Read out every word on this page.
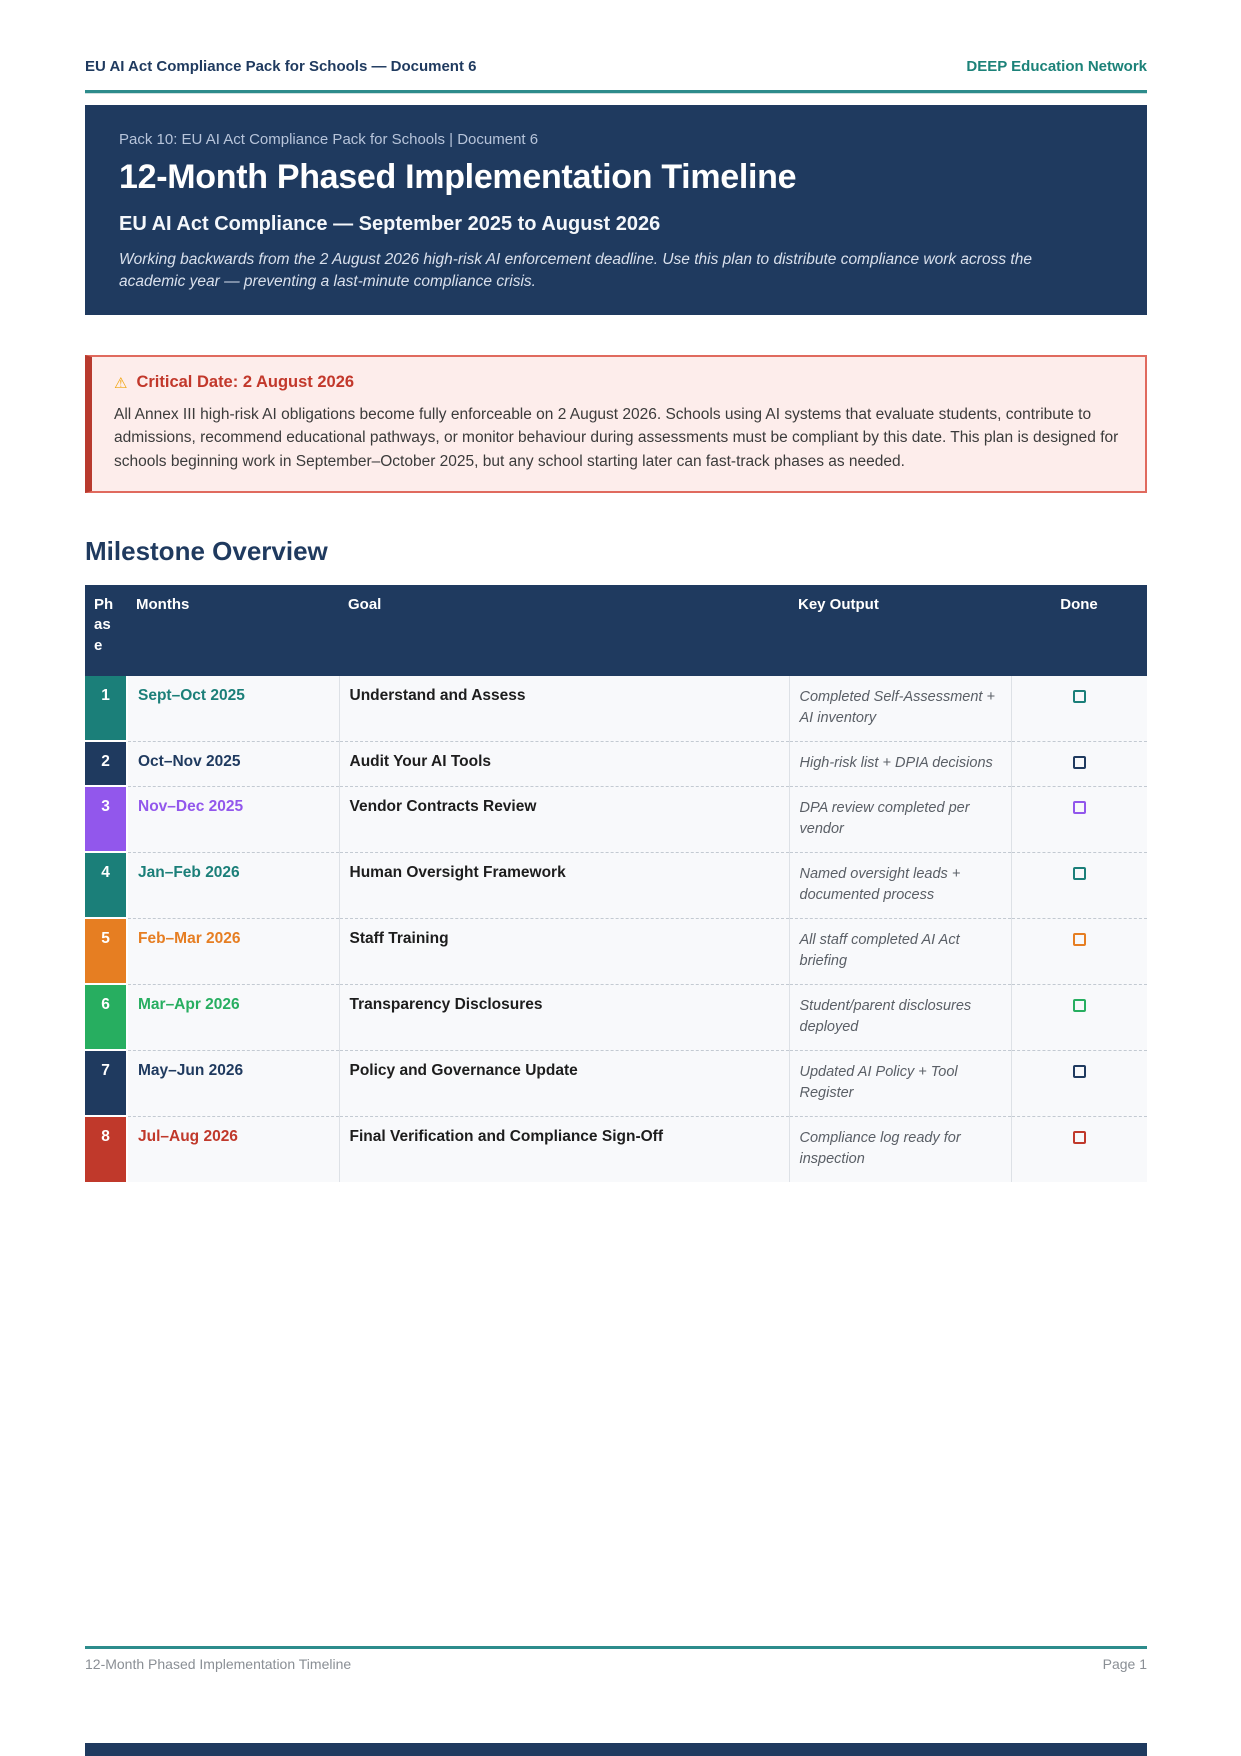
EU AI Act Compliance Pack for Schools — Document 6	DEEP Education Network
Pack 10: EU AI Act Compliance Pack for Schools | Document 6
12-Month Phased Implementation Timeline
EU AI Act Compliance — September 2025 to August 2026
Working backwards from the 2 August 2026 high-risk AI enforcement deadline. Use this plan to distribute compliance work across the academic year — preventing a last-minute compliance crisis.
⚠︎ Critical Date: 2 August 2026
All Annex III high-risk AI obligations become fully enforceable on 2 August 2026. Schools using AI systems that evaluate students, contribute to admissions, recommend educational pathways, or monitor behaviour during assessments must be compliant by this date. This plan is designed for schools beginning work in September–October 2025, but any school starting later can fast-track phases as needed.
Milestone Overview
Phase	Months	Goal	Key Output	Done
1	Sept–Oct 2025	Understand and Assess	Completed Self-Assessment + AI inventory	
2	Oct–Nov 2025	Audit Your AI Tools	High-risk list + DPIA decisions	
3	Nov–Dec 2025	Vendor Contracts Review	DPA review completed per vendor	
4	Jan–Feb 2026	Human Oversight Framework	Named oversight leads + documented process	
5	Feb–Mar 2026	Staff Training	All staff completed AI Act briefing	
6	Mar–Apr 2026	Transparency Disclosures	Student/parent disclosures deployed	
7	May–Jun 2026	Policy and Governance Update	Updated AI Policy + Tool Register	
8	Jul–Aug 2026	Final Verification and Compliance Sign-Off	Compliance log ready for inspection	
12-Month Phased Implementation Timeline	Page 1
